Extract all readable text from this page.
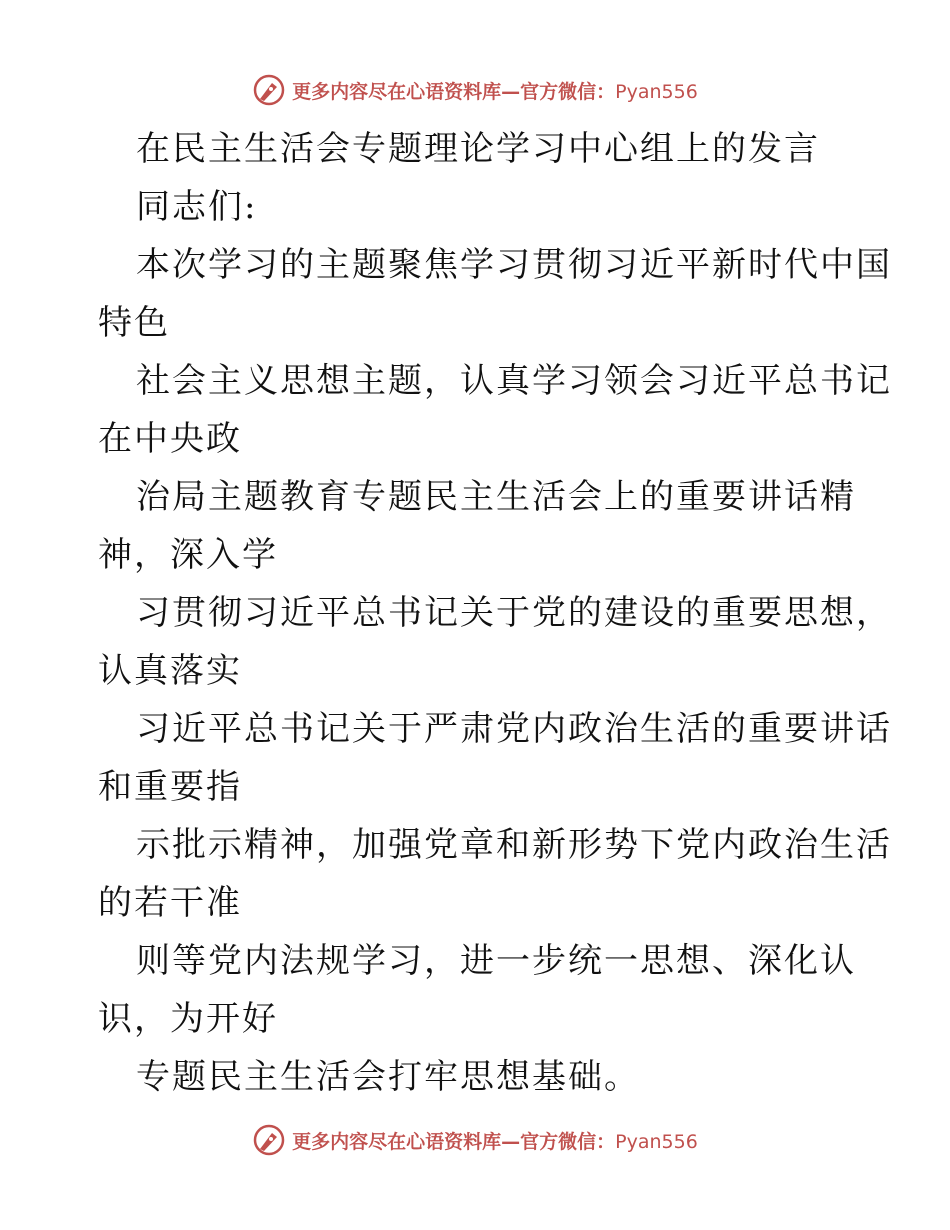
更多内容尽在心语资料库—官方微信：Pyan556
在民主生活会专题理论学习中心组上的发言
同志们:
本次学习的主题聚焦学习贯彻习近平新时代中国
特色
社会主义思想主题，认真学习领会习近平总书记
在中央政
治局主题教育专题民主生活会上的重要讲话精
神，深入学
习贯彻习近平总书记关于党的建设的重要思想，
认真落实
习近平总书记关于严肃党内政治生活的重要讲话
和重要指
示批示精神，加强党章和新形势下党内政治生活
的若干准
则等党内法规学习，进一步统一思想、深化认
识，为开好
专题民主生活会打牢思想基础。
更多内容尽在心语资料库—官方微信：Pyan556
